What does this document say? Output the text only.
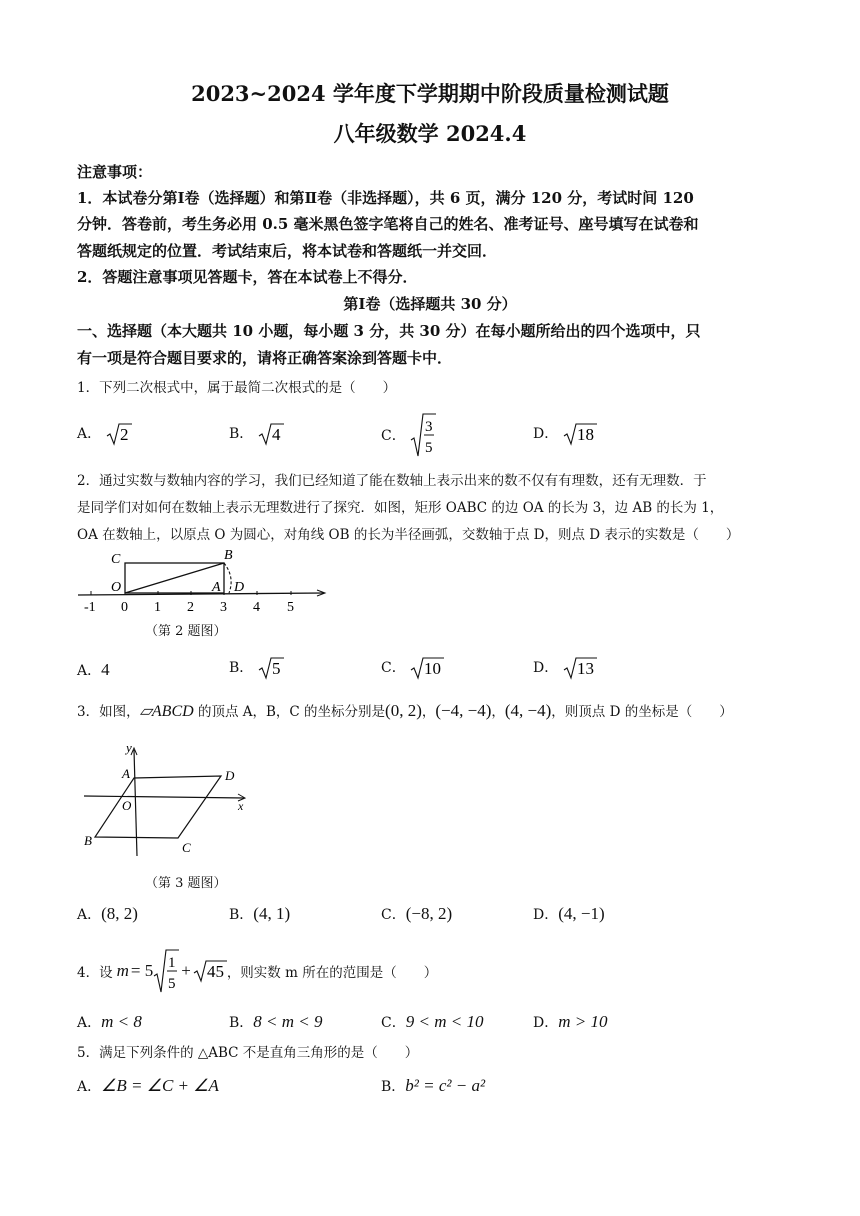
2023~2024 学年度下学期期中阶段质量检测试题
八年级数学 2024.4
注意事项：
1．本试卷分第Ⅰ卷（选择题）和第Ⅱ卷（非选择题），共 6 页，满分 120 分，考试时间 120
分钟．答卷前，考生务必用 0.5 毫米黑色签字笔将自己的姓名、准考证号、座号填写在试卷和
答题纸规定的位置．考试结束后，将本试卷和答题纸一并交回．
2．答题注意事项见答题卡，答在本试卷上不得分．
第Ⅰ卷（选择题共 30 分）
一、选择题（本大题共 10 小题，每小题 3 分，共 30 分）在每小题所给出的四个选项中，只
有一项是符合题目要求的，请将正确答案涂到答题卡中．
1．下列二次根式中，属于最简二次根式的是（　　）
A． 2	B． 4	C．
3
5
D． 18
2．通过实数与数轴内容的学习，我们已经知道了能在数轴上表示出来的数不仅有有理数，还有无理数．于
是同学们对如何在数轴上表示无理数进行了探究．如图，矩形 OABC 的边 OA 的长为 3，边 AB 的长为 1，
OA 在数轴上，以原点 O 为圆心，对角线 OB 的长为半径画弧，交数轴于点 D，则点 D 表示的实数是（　　）
C	B
O	A D
-1 0 1 2 3 4 5
（第 2 题图）
A．4	B． 5	C． 10	D． 13
3．如图，▱ABCD 的顶点 A，B，C 的坐标分别是(0, 2)，(−4, −4)，(4, −4)，则顶点 D 的坐标是（　　）
y
A	D
O	x
B	C
（第 3 题图）
A．(8, 2)	B．(4, 1)	C．(−8, 2)	D．(4, −1)
4．设 m = 5 1
5
+ 45 ，则实数 m 所在的范围是（　　）
A．m < 8	B．8 < m < 9	C．9 < m < 10	D．m > 10
5．满足下列条件的 △ABC 不是直角三角形的是（　　）
A．∠B = ∠C + ∠A	B．b² = c² − a²
